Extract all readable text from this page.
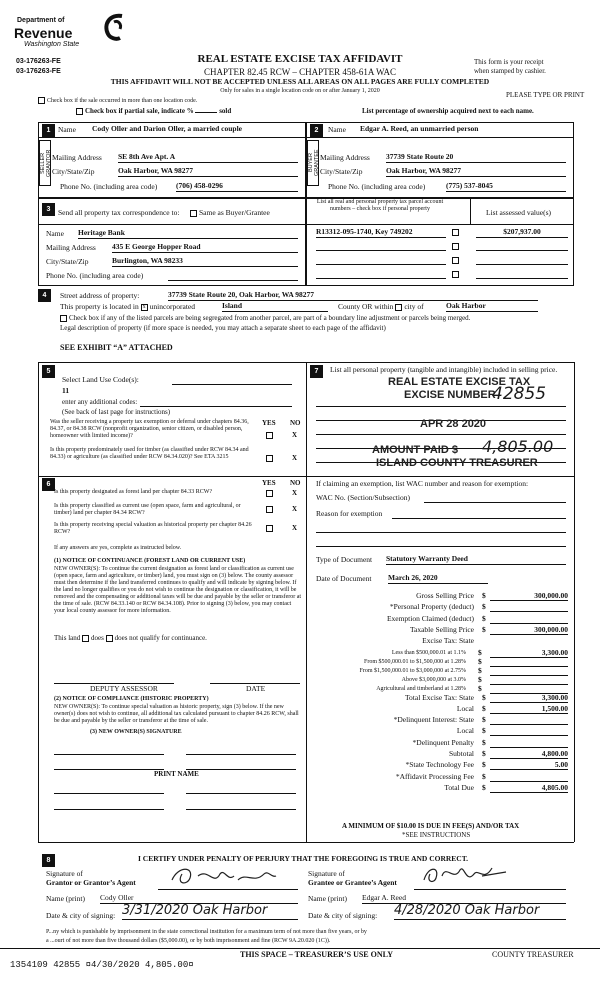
Department of
Revenue
Washington State
03-176263-FE
03-176263-FE
REAL ESTATE EXCISE TAX AFFIDAVIT
CHAPTER 82.45 RCW – CHAPTER 458-61A WAC
THIS AFFIDAVIT WILL NOT BE ACCEPTED UNLESS ALL AREAS ON ALL PAGES ARE FULLY COMPLETED
Only for sales in a single location code on or after January 1, 2020
This form is your receipt
when stamped by cashier.
PLEASE TYPE OR PRINT
Check box if the sale occurred in more than one location code.
Check box if partial sale, indicate %	sold	List percentage of ownership acquired next to each name.
1	2
SELLER GRANTOR	BUYER GRANTEE
Name Cody Oller and Darion Oller, a married couple
Mailing Address SE 8th Ave Apt. A
City/State/Zip	Oak Harbor, WA 98277
Phone No. (including area code) (706) 458-0296
Name Edgar A. Reed, an unmarried person
Mailing Address 37739 State Route 20
City/State/Zip	Oak Harbor, WA 98277
Phone No. (including area code)	(775) 537-8045
3	Send all property tax correspondence to:	Same as Buyer/Grantee
Name Heritage Bank
Mailing Address 435 E George Hopper Road
City/State/Zip	Burlington, WA 98233
Phone No. (including area code)
List all real and personal property tax parcel account numbers – check box if personal property	List assessed value(s)
R13312-095-1740, Key 749202	$207,937.00
4	Street address of property:	37739 State Route 20, Oak Harbor, WA 98277
This property is located in x unincorporated	Island	County OR within city of	Oak Harbor
Check box if any of the listed parcels are being segregated from another parcel, are part of a boundary line adjustment or parcels being merged.
Legal description of property (if more space is needed, you may attach a separate sheet to each page of the affidavit)
SEE EXHIBIT “A” ATTACHED
5
Select Land Use Code(s):
11
enter any additional codes:
(See back of last page for instructions)
YES NO
Was the seller receiving a property tax exemption or deferral under chapters 84.36, 84.37, or 84.38 RCW (nonprofit organization, senior citizen, or disabled person, homeowner with limited income)?	X
Is this property predominately used for timber (as classified under RCW 84.34 and 84.33) or agriculture (as classified under RCW 84.34.020)? See ETA 3215	X
6	YES NO
Is this property designated as forest land per chapter 84.33 RCW?	X
Is this property classified as current use (open space, farm and agricultural, or timber) land per chapter 84.34 RCW?
X
Is this property receiving special valuation as historical property per chapter 84.26 RCW?
X
If any answers are yes, complete as instructed below.
(1) NOTICE OF CONTINUANCE (FOREST LAND OR CURRENT USE)
NEW OWNER(S): To continue the current designation as forest land or classification as current use (open space, farm and agriculture, or timber) land, you must sign on (3) below. The county assessor must then determine if the land transferred continues to qualify and will indicate by signing below. If the land no longer qualifies or you do not wish to continue the designation or classification, it will be removed and the compensating or additional taxes will be due and payable by the seller or transferor at the time of sale. (RCW 84.33.140 or RCW 84.34.108). Prior to signing (3) below, you may contact your local county assessor for more information.
This land does does not qualify for continuance.
DEPUTY ASSESSOR	DATE
(2) NOTICE OF COMPLIANCE (HISTORIC PROPERTY)
NEW OWNER(S): To continue special valuation as historic property, sign (3) below. If the new owner(s) does not wish to continue, all additional tax calculated pursuant to chapter 84.26 RCW, shall be due and payable by the seller or transferor at the time of sale.
(3) NEW OWNER(S) SIGNATURE
PRINT NAME
7	List all personal property (tangible and intangible) included in selling price.
REAL ESTATE EXCISE TAX
EXCISE NUMBER
42855
APR 28 2020
AMOUNT PAID $ 4,805.00
ISLAND COUNTY TREASURER
If claiming an exemption, list WAC number and reason for exemption:
WAC No. (Section/Subsection)
Reason for exemption
Type of Document Statutory Warranty Deed
Date of Document March 26, 2020
Gross Selling Price $	300,000.00
*Personal Property (deduct) $
Exemption Claimed (deduct) $
Taxable Selling Price $	300,000.00
Excise Tax: State
Less than $500,000.01 at 1.1% $	3,300.00
From $500,000.01 to $1,500,000 at 1.28% $
From $1,500,000.01 to $3,000,000 at 2.75% $
Above $3,000,000 at 3.0% $
Agricultural and timberland at 1.28% $
Total Excise Tax: State $	3,300.00
Local $	1,500.00
*Delinquent Interest: State $
Local $
*Delinquent Penalty $
Subtotal $	4,800.00
*State Technology Fee $	5.00
*Affidavit Processing Fee $
Total Due $	4,805.00
A MINIMUM OF $10.00 IS DUE IN FEE(S) AND/OR TAX
*SEE INSTRUCTIONS
8	I CERTIFY UNDER PENALTY OF PERJURY THAT THE FOREGOING IS TRUE AND CORRECT.
Signature of
Grantor or Grantor’s Agent
Signature of
Grantee or Grantee’s Agent
Name (print) Cody Oller	Name (print) Edgar A. Reed
Date & city of signing: 3/31/2020 Oak Harbor	Date & city of signing: 4/28/2020 Oak Harbor
P...ny which is punishable by imprisonment in the state correctional institution for a maximum term of not more than five years, or by
a ...ourt of not more than five thousand dollars ($5,000.00), or by both imprisonment and fine (RCW 9A.20.020 (1C)).
THIS SPACE – TREASURER’S USE ONLY	COUNTY TREASURER
1354109 42855 ¤4/30/2020 4,805.00¤
